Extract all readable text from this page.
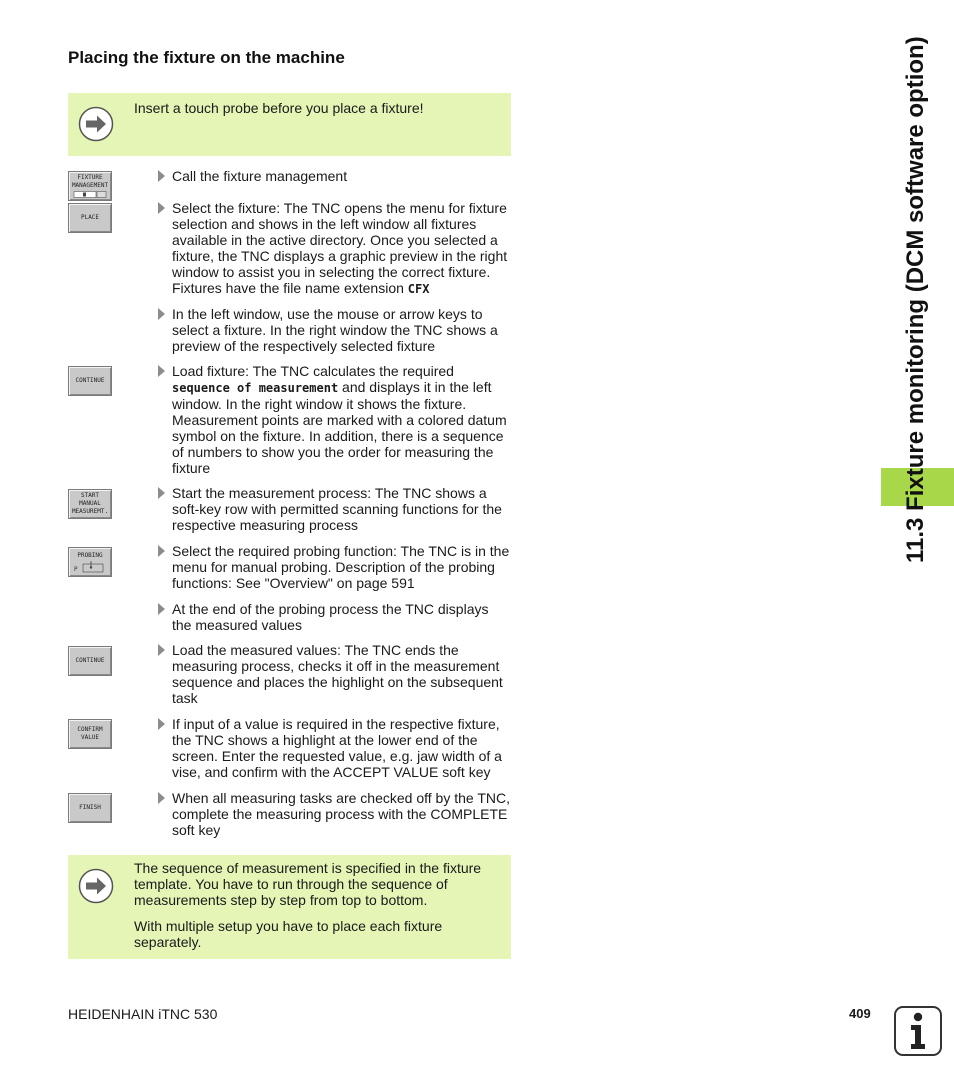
Placing the fixture on the machine

Insert a touch probe before you place a fixture!

FIXTURE
MANAGEMENT
PLACE
CONTINUE
START
MANUAL
MEASUREMT.
PROBING
P
CONTINUE
CONFIRM
VALUE
FINISH
Call the fixture management
Select the fixture: The TNC opens the menu for fixture selection and shows in the left window all fixtures available in the active directory. Once you selected a fixture, the TNC displays a graphic preview in the right window to assist you in selecting the correct fixture. Fixtures have the file name extension CFX
In the left window, use the mouse or arrow keys to select a fixture. In the right window the TNC shows a preview of the respectively selected fixture
Load fixture: The TNC calculates the required sequence of measurement and displays it in the left window. In the right window it shows the fixture. Measurement points are marked with a colored datum symbol on the fixture. In addition, there is a sequence of numbers to show you the order for measuring the fixture
Start the measurement process: The TNC shows a soft-key row with permitted scanning functions for the respective measuring process
Select the required probing function: The TNC is in the menu for manual probing. Description of the probing functions: See "Overview" on page 591
At the end of the probing process the TNC displays the measured values
Load the measured values: The TNC ends the measuring process, checks it off in the measurement sequence and places the highlight on the subsequent task
If input of a value is required in the respective fixture, the TNC shows a highlight at the lower end of the screen. Enter the requested value, e.g. jaw width of a vise, and confirm with the ACCEPT VALUE soft key
When all measuring tasks are checked off by the TNC, complete the measuring process with the COMPLETE soft key

The sequence of measurement is specified in the fixture template. You have to run through the sequence of measurements step by step from top to bottom.

With multiple setup you have to place each fixture separately.

11.3 Fixture monitoring (DCM software option)
HEIDENHAIN iTNC 530	409
